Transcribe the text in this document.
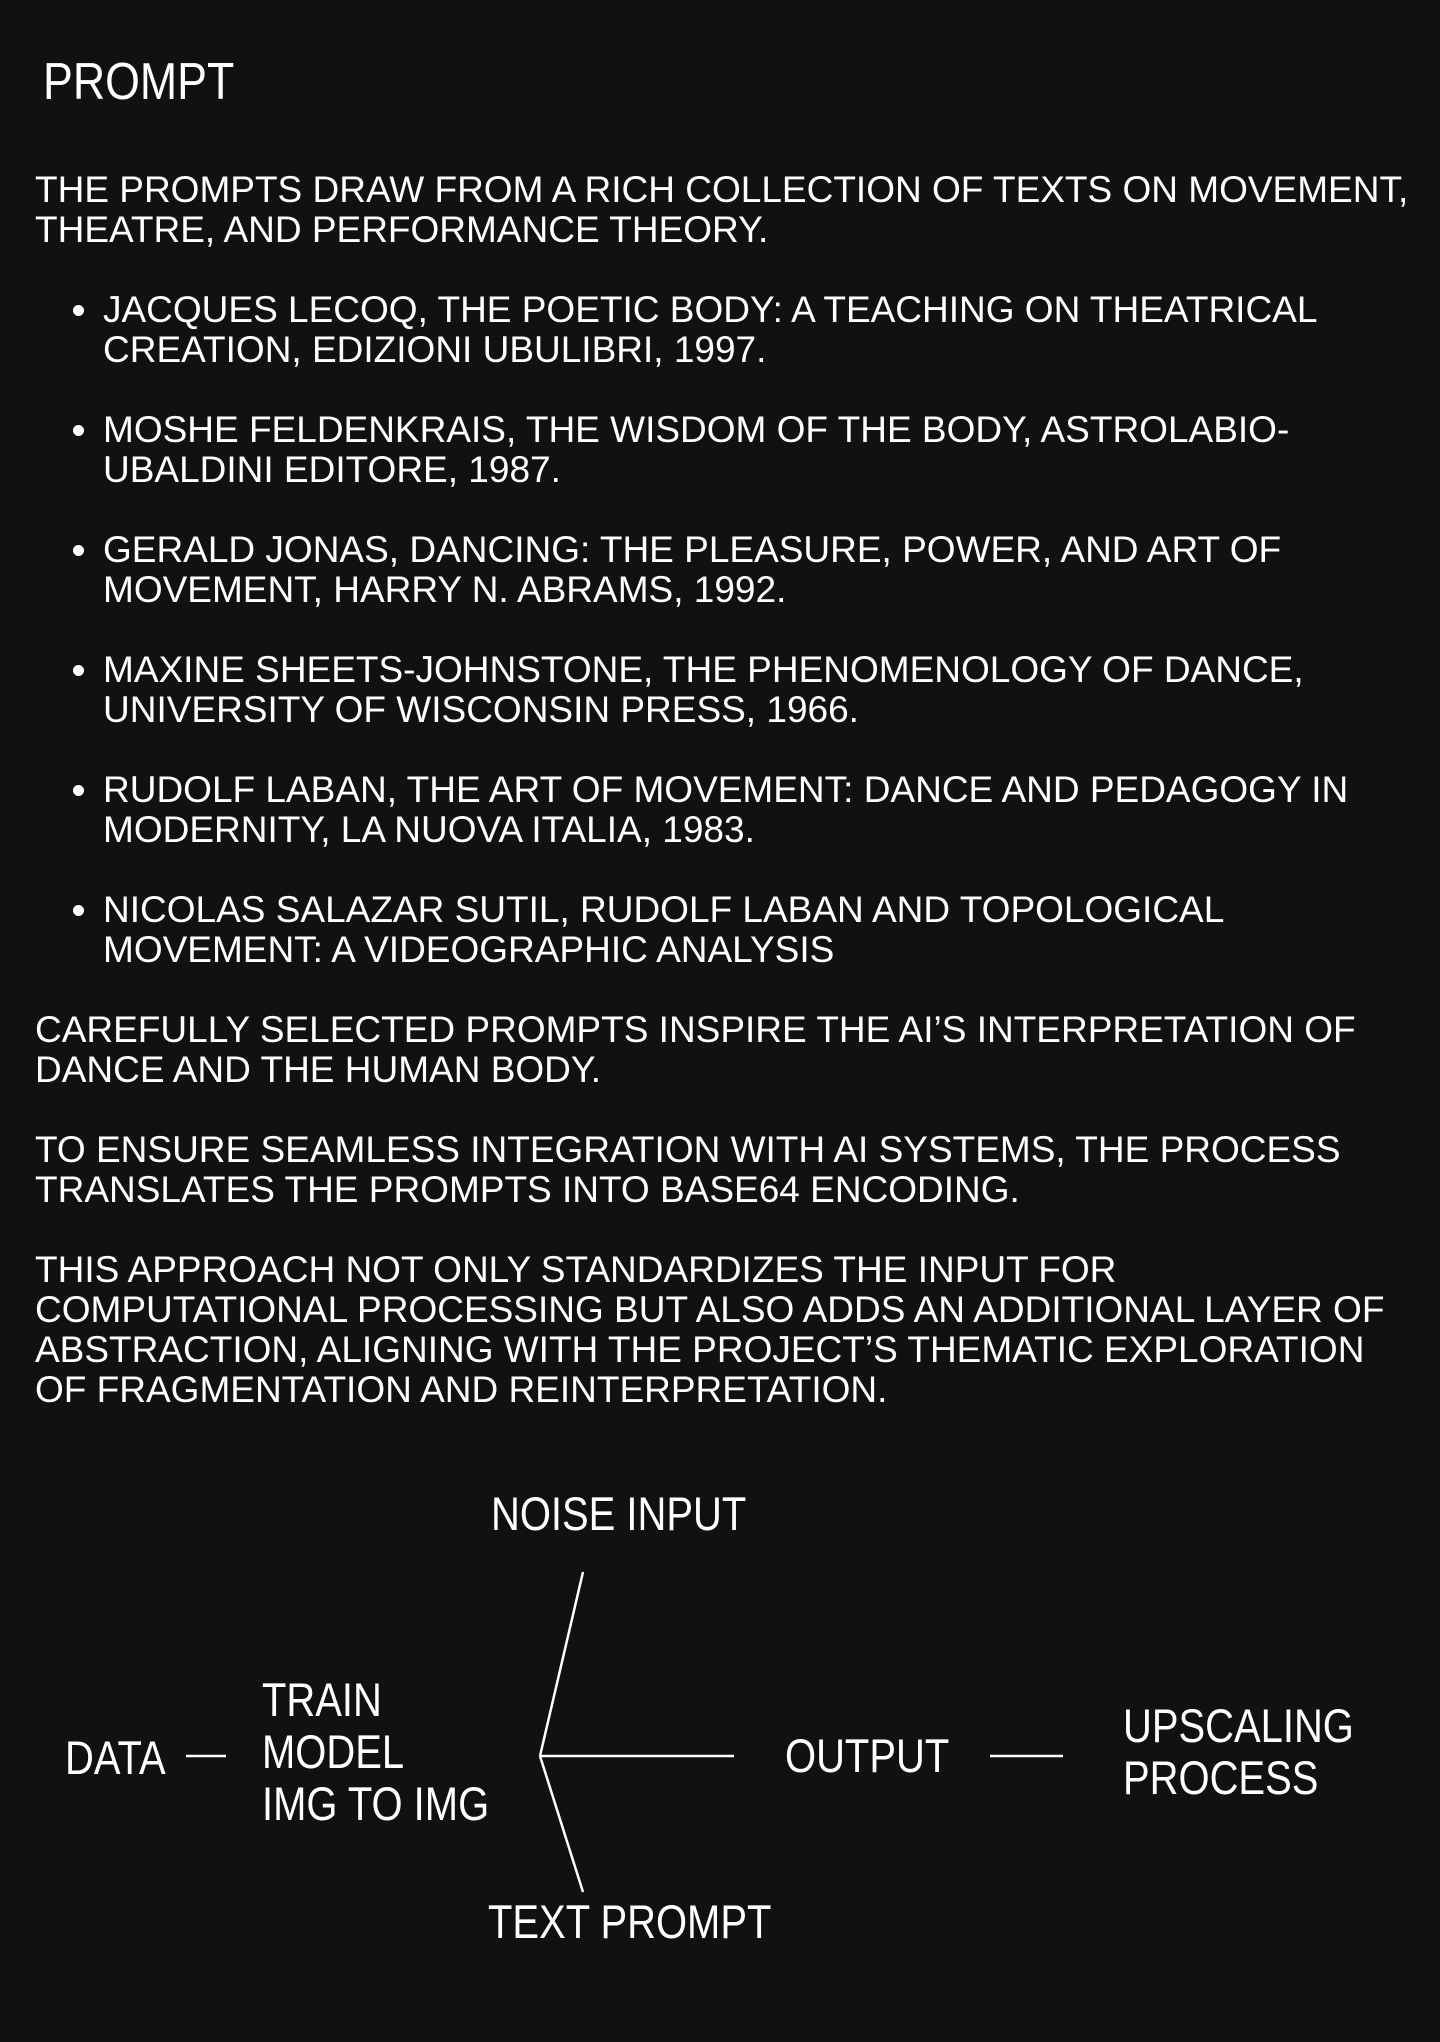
PROMPT

THE PROMPTS DRAW FROM A RICH COLLECTION OF TEXTS ON MOVEMENT, THEATRE, AND PERFORMANCE THEORY.

JACQUES LECOQ, THE POETIC BODY: A TEACHING ON THEATRICAL CREATION, EDIZIONI UBULIBRI, 1997.
MOSHE FELDENKRAIS, THE WISDOM OF THE BODY, ASTROLABIO-UBALDINI EDITORE, 1987.
GERALD JONAS, DANCING: THE PLEASURE, POWER, AND ART OF MOVEMENT, HARRY N. ABRAMS, 1992.
MAXINE SHEETS-JOHNSTONE, THE PHENOMENOLOGY OF DANCE, UNIVERSITY OF WISCONSIN PRESS, 1966.
RUDOLF LABAN, THE ART OF MOVEMENT: DANCE AND PEDAGOGY IN MODERNITY, LA NUOVA ITALIA, 1983.
NICOLAS SALAZAR SUTIL, RUDOLF LABAN AND TOPOLOGICAL MOVEMENT: A VIDEOGRAPHIC ANALYSIS

CAREFULLY SELECTED PROMPTS INSPIRE THE AI’S INTERPRETATION OF DANCE AND THE HUMAN BODY.

TO ENSURE SEAMLESS INTEGRATION WITH AI SYSTEMS, THE PROCESS TRANSLATES THE PROMPTS INTO BASE64 ENCODING.

THIS APPROACH NOT ONLY STANDARDIZES THE INPUT FOR COMPUTATIONAL PROCESSING BUT ALSO ADDS AN ADDITIONAL LAYER OF ABSTRACTION, ALIGNING WITH THE PROJECT’S THEMATIC EXPLORATION OF FRAGMENTATION AND REINTERPRETATION.

NOISE INPUT
DATA
TRAIN
MODEL
IMG TO IMG
OUTPUT
UPSCALING
PROCESS
TEXT PROMPT
